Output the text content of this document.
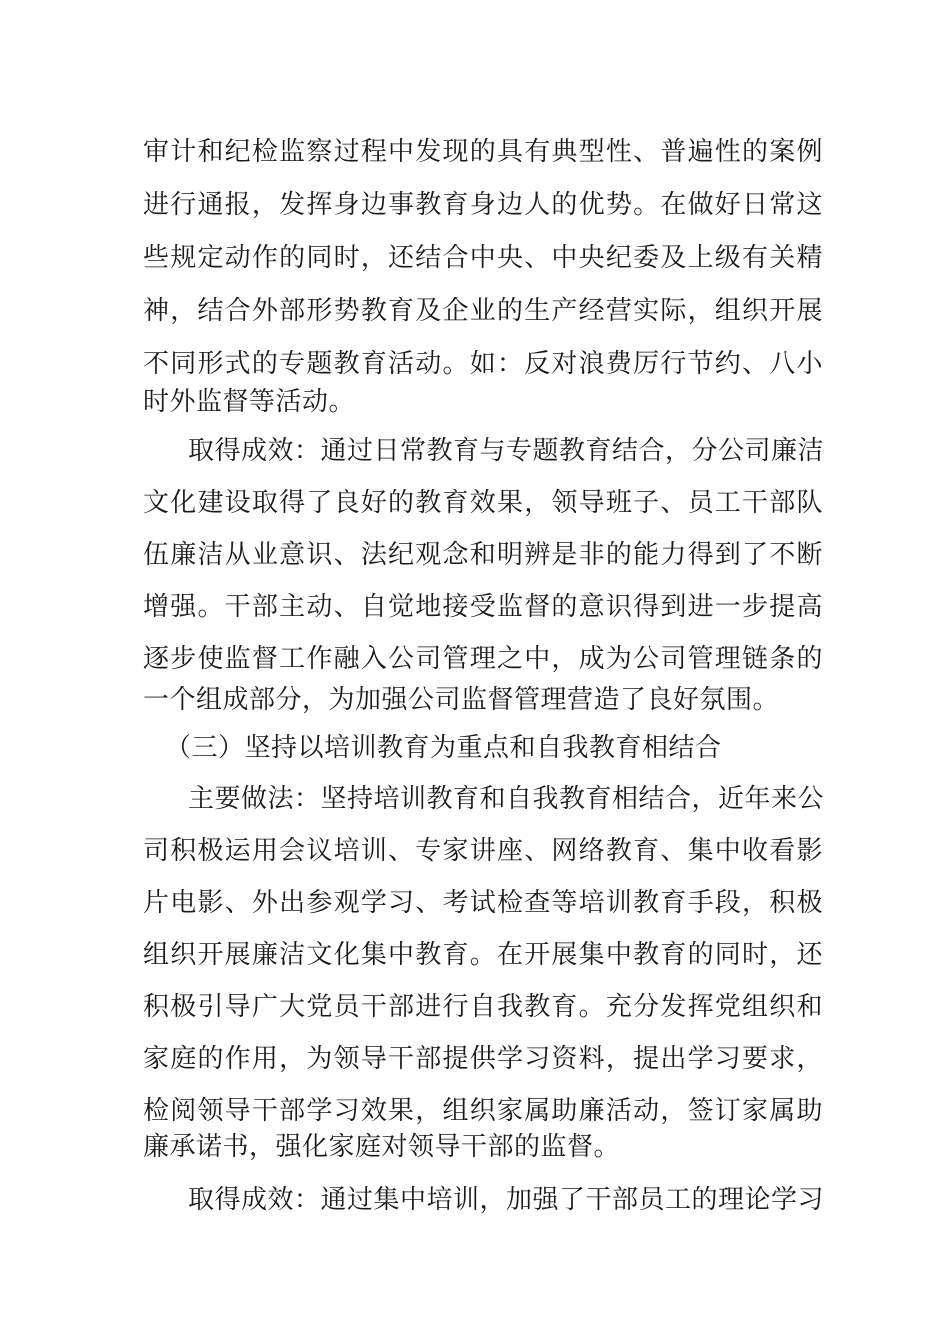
审计和纪检监察过程中发现的具有典型性、普遍性的案例
进行通报，发挥身边事教育身边人的优势。在做好日常这
些规定动作的同时，还结合中央、中央纪委及上级有关精
神，结合外部形势教育及企业的生产经营实际，组织开展
不同形式的专题教育活动。如：反对浪费厉行节约、八小
时外监督等活动。
取得成效：通过日常教育与专题教育结合，分公司廉洁
文化建设取得了良好的教育效果，领导班子、员工干部队
伍廉洁从业意识、法纪观念和明辨是非的能力得到了不断
增强。干部主动、自觉地接受监督的意识得到进一步提高
逐步使监督工作融入公司管理之中，成为公司管理链条的
一个组成部分，为加强公司监督管理营造了良好氛围。
（三）坚持以培训教育为重点和自我教育相结合
主要做法：坚持培训教育和自我教育相结合，近年来公
司积极运用会议培训、专家讲座、网络教育、集中收看影
片电影、外出参观学习、考试检查等培训教育手段，积极
组织开展廉洁文化集中教育。在开展集中教育的同时，还
积极引导广大党员干部进行自我教育。充分发挥党组织和
家庭的作用，为领导干部提供学习资料，提出学习要求，
检阅领导干部学习效果，组织家属助廉活动，签订家属助
廉承诺书，强化家庭对领导干部的监督。
取得成效：通过集中培训，加强了干部员工的理论学习
